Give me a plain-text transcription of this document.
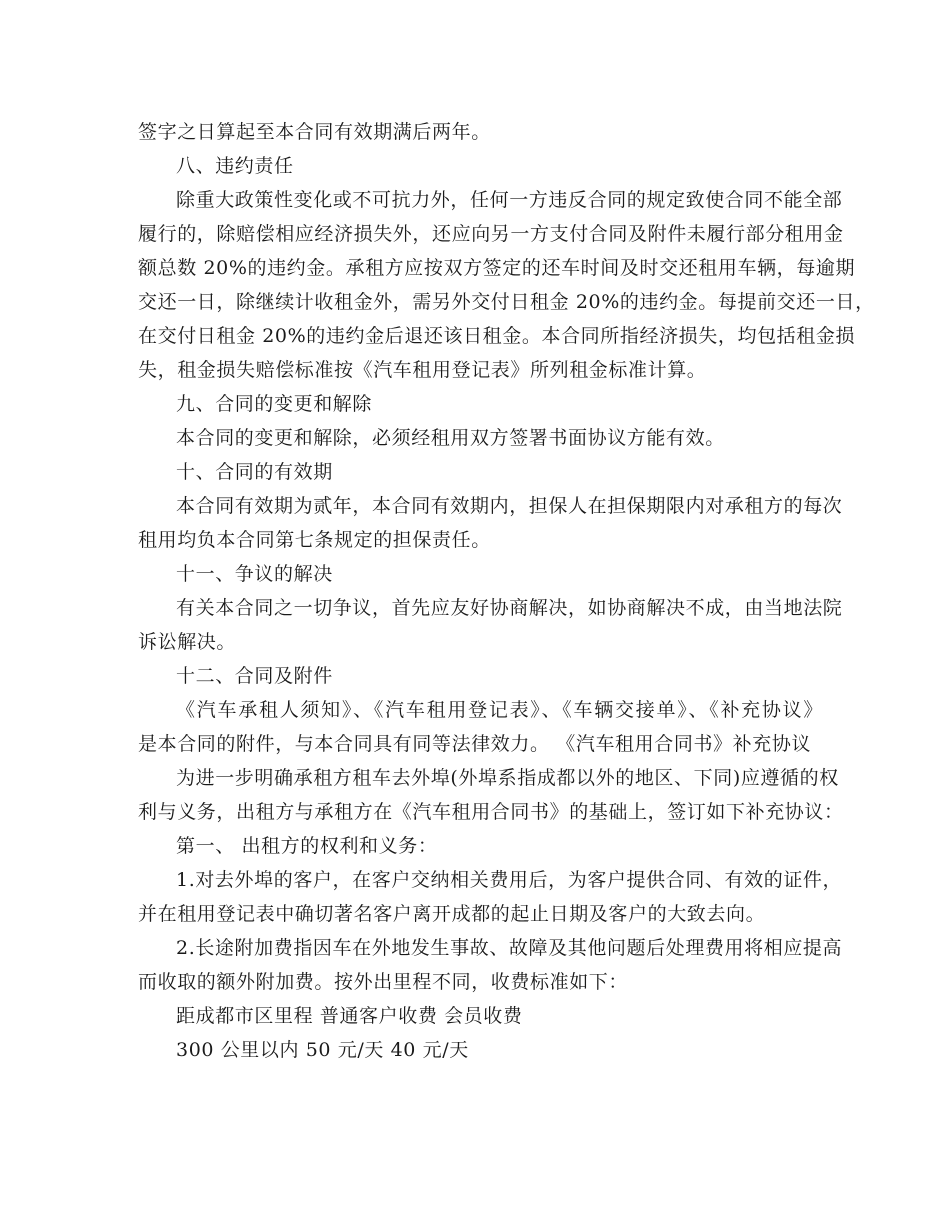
签字之日算起至本合同有效期满后两年。
八、违约责任
除重大政策性变化或不可抗力外，任何一方违反合同的规定致使合同不能全部
履行的，除赔偿相应经济损失外，还应向另一方支付合同及附件未履行部分租用金
额总数 20%的违约金。承租方应按双方签定的还车时间及时交还租用车辆，每逾期
交还一日，除继续计收租金外，需另外交付日租金 20%的违约金。每提前交还一日，
在交付日租金 20%的违约金后退还该日租金。本合同所指经济损失，均包括租金损
失，租金损失赔偿标准按《汽车租用登记表》所列租金标准计算。
九、合同的变更和解除
本合同的变更和解除，必须经租用双方签署书面协议方能有效。
十、合同的有效期
本合同有效期为贰年，本合同有效期内，担保人在担保期限内对承租方的每次
租用均负本合同第七条规定的担保责任。
十一、争议的解决
有关本合同之一切争议，首先应友好协商解决，如协商解决不成，由当地法院
诉讼解决。
十二、合同及附件
《汽车承租人须知》、《汽车租用登记表》、《车辆交接单》、《补充协议》
是本合同的附件，与本合同具有同等法律效力。 《汽车租用合同书》补充协议
为进一步明确承租方租车去外埠(外埠系指成都以外的地区、下同)应遵循的权
利与义务，出租方与承租方在《汽车租用合同书》的基础上，签订如下补充协议：
第一、 出租方的权利和义务：
1.对去外埠的客户，在客户交纳相关费用后，为客户提供合同、有效的证件，
并在租用登记表中确切著名客户离开成都的起止日期及客户的大致去向。
2.长途附加费指因车在外地发生事故、故障及其他问题后处理费用将相应提高
而收取的额外附加费。按外出里程不同，收费标准如下：
距成都市区里程 普通客户收费 会员收费
300 公里以内 50 元/天 40 元/天
